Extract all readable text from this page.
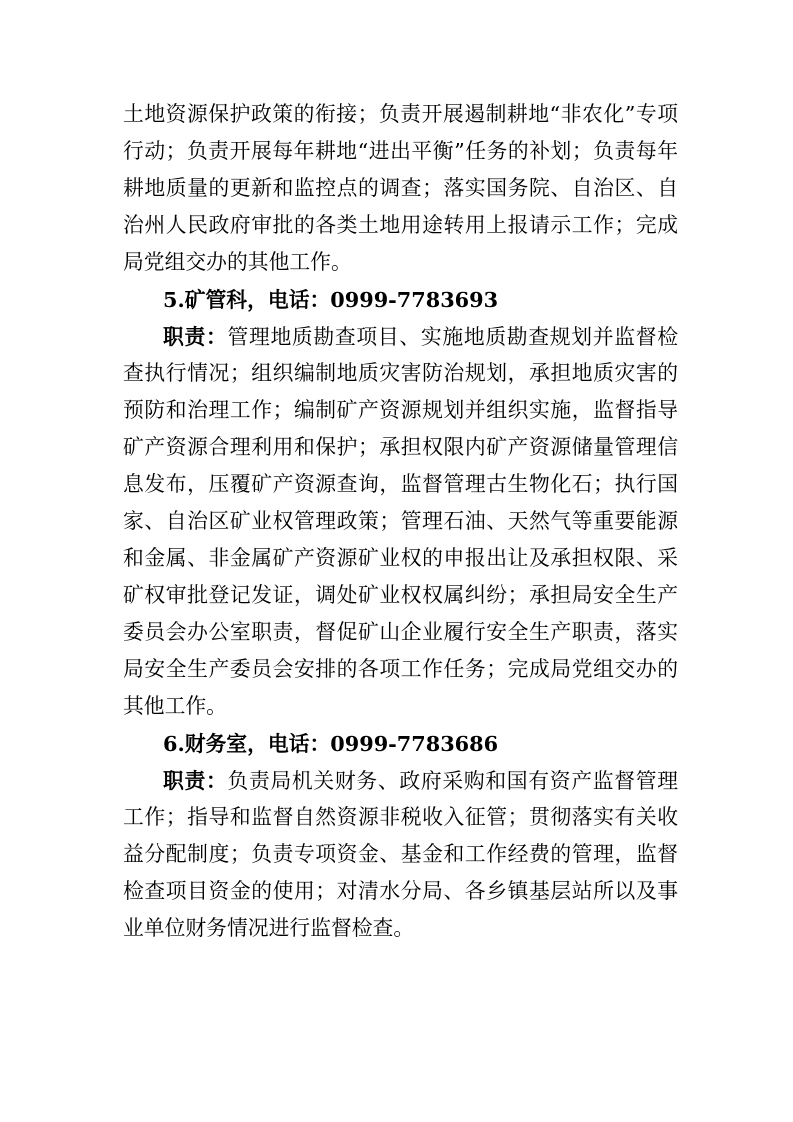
土地资源保护政策的衔接；负责开展遏制耕地“非农化”专项
行动；负责开展每年耕地“进出平衡”任务的补划；负责每年
耕地质量的更新和监控点的调查；落实国务院、自治区、自
治州人民政府审批的各类土地用途转用上报请示工作；完成
局党组交办的其他工作。
5.矿管科，电话：0999-7783693
职责：管理地质勘查项目、实施地质勘查规划并监督检
查执行情况；组织编制地质灾害防治规划，承担地质灾害的
预防和治理工作；编制矿产资源规划并组织实施，监督指导
矿产资源合理利用和保护；承担权限内矿产资源储量管理信
息发布，压覆矿产资源查询，监督管理古生物化石；执行国
家、自治区矿业权管理政策；管理石油、天然气等重要能源
和金属、非金属矿产资源矿业权的申报出让及承担权限、采
矿权审批登记发证，调处矿业权权属纠纷；承担局安全生产
委员会办公室职责，督促矿山企业履行安全生产职责，落实
局安全生产委员会安排的各项工作任务；完成局党组交办的
其他工作。
6.财务室，电话：0999-7783686
职责：负责局机关财务、政府采购和国有资产监督管理
工作；指导和监督自然资源非税收入征管；贯彻落实有关收
益分配制度；负责专项资金、基金和工作经费的管理，监督
检查项目资金的使用；对清水分局、各乡镇基层站所以及事
业单位财务情况进行监督检查。
